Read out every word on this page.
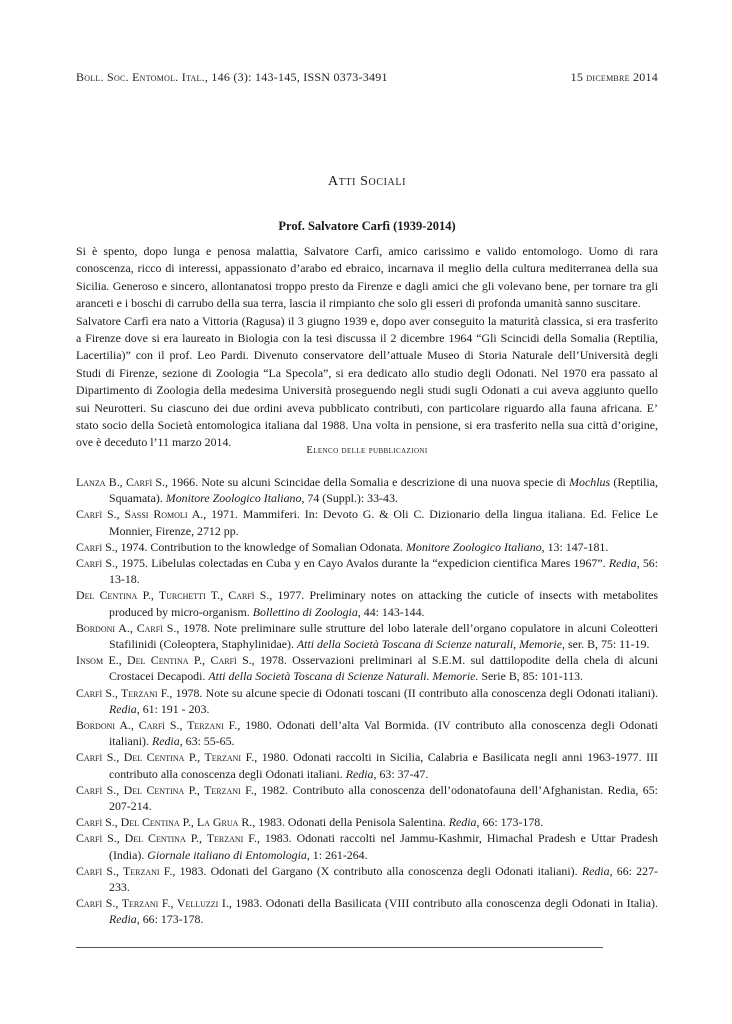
Boll. Soc. Entomol. Ital., 146 (3): 143-145, ISSN 0373-3491	15 dicembre 2014
Atti Sociali
Prof. Salvatore Carfì (1939-2014)

Si è spento, dopo lunga e penosa malattia, Salvatore Carfì, amico carissimo e valido entomologo. Uomo di rara conoscenza, ricco di interessi, appassionato d’arabo ed ebraico, incarnava il meglio della cultura mediterranea della sua Sicilia. Generoso e sincero, allontanatosi troppo presto da Firenze e dagli amici che gli volevano bene, per tornare tra gli aranceti e i boschi di carrubo della sua terra, lascia il rimpianto che solo gli esseri di profonda umanità sanno suscitare.

Salvatore Carfì era nato a Vittoria (Ragusa) il 3 giugno 1939 e, dopo aver conseguito la maturità classica, si era trasferito a Firenze dove si era laureato in Biologia con la tesi discussa il 2 dicembre 1964 “Gli Scincidi della Somalia (Reptilia, Lacertilia)” con il prof. Leo Pardi. Divenuto conservatore dell’attuale Museo di Storia Naturale dell’Università degli Studi di Firenze, sezione di Zoologia “La Specola”, si era dedicato allo studio degli Odonati. Nel 1970 era passato al Dipartimento di Zoologia della medesima Università proseguendo negli studi sugli Odonati a cui aveva aggiunto quello sui Neurotteri. Su ciascuno dei due ordini aveva pubblicato contributi, con particolare riguardo alla fauna africana. E’ stato socio della Società entomologica italiana dal 1988. Una volta in pensione, si era trasferito nella sua città d’origine, ove è deceduto l’11 marzo 2014.

Elenco delle pubblicazioni

Lanza B., Carfì S., 1966. Note su alcuni Scincidae della Somalia e descrizione di una nuova specie di Mochlus (Reptilia, Squamata). Monitore Zoologico Italiano, 74 (Suppl.): 33-43.

Carfì S., Sassi Romoli A., 1971. Mammiferi. In: Devoto G. & Oli C. Dizionario della lingua italiana. Ed. Felice Le Monnier, Firenze, 2712 pp.

Carfì S., 1974. Contribution to the knowledge of Somalian Odonata. Monitore Zoologico Italiano, 13: 147-181.

Carfì S., 1975. Libelulas colectadas en Cuba y en Cayo Avalos durante la “expedicion cientifica Mares 1967”. Redia, 56: 13-18.

Del Centina P., Turchetti T., Carfì S., 1977. Preliminary notes on attacking the cuticle of insects with metabolites produced by micro-organism. Bollettino di Zoologia, 44: 143-144.

Bordoni A., Carfì S., 1978. Note preliminare sulle strutture del lobo laterale dell’organo copulatore in alcuni Coleotteri Stafilinidi (Coleoptera, Staphylinidae). Atti della Società Toscana di Scienze naturali, Memorie, ser. B, 75: 11-19.

Insom E., Del Centina P., Carfì S., 1978. Osservazioni preliminari al S.E.M. sul dattilopodite della chela di alcuni Crostacei Decapodi. Atti della Società Toscana di Scienze Naturali. Memorie. Serie B, 85: 101-113.

Carfì S., Terzani F., 1978. Note su alcune specie di Odonati toscani (II contributo alla conoscenza degli Odonati italiani). Redia, 61: 191 - 203.

Bordoni A., Carfì S., Terzani F., 1980. Odonati dell’alta Val Bormida. (IV contributo alla conoscenza degli Odonati italiani). Redia, 63: 55-65.

Carfì S., Del Centina P., Terzani F., 1980. Odonati raccolti in Sicilia, Calabria e Basilicata negli anni 1963-1977. III contributo alla conoscenza degli Odonati italiani. Redia, 63: 37-47.

Carfì S., Del Centina P., Terzani F., 1982. Contributo alla conoscenza dell’odonatofauna dell’Afghanistan. Redia, 65: 207-214.

Carfì S., Del Centina P., La Grua R., 1983. Odonati della Penisola Salentina. Redia, 66: 173-178.

Carfì S., Del Centina P., Terzani F., 1983. Odonati raccolti nel Jammu-Kashmir, Himachal Pradesh e Uttar Pradesh (India). Giornale italiano di Entomologia, 1: 261-264.

Carfì S., Terzani F., 1983. Odonati del Gargano (X contributo alla conoscenza degli Odonati italiani). Redia, 66: 227- 233.

Carfì S., Terzani F., Velluzzi I., 1983. Odonati della Basilicata (VIII contributo alla conoscenza degli Odonati in Italia). Redia, 66: 173-178.
